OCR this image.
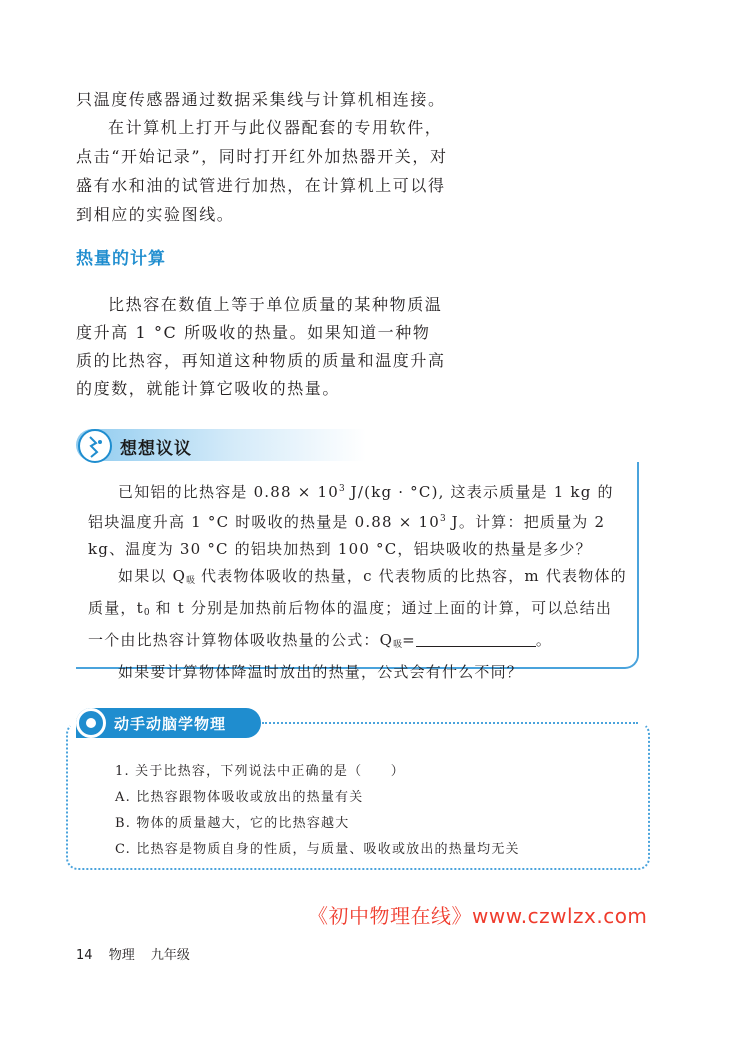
只温度传感器通过数据采集线与计算机相连接。

在计算机上打开与此仪器配套的专用软件，点击“开始记录”，同时打开红外加热器开关，对盛有水和油的试管进行加热，在计算机上可以得到相应的实验图线。

热量的计算

比热容在数值上等于单位质量的某种物质温度升高 1 °C 所吸收的热量。如果知道一种物质的比热容，再知道这种物质的质量和温度升高的度数，就能计算它吸收的热量。

想想议议

已知铝的比热容是 $0.88 \times 10^3$ J/(kg · °C), 这表示质量是 1 kg 的铝块温度升高 1 °C 时吸收的热量是 $0.88 \times 10^3$ J。计算：把质量为 2 kg、温度为 30 °C 的铝块加热到 100 °C，铝块吸收的热量是多少？

如果以 $Q_吸$ 代表物体吸收的热量，c 代表物质的比热容，m 代表物体的质量，$t_0$ 和 t 分别是加热前后物体的温度；通过上面的计算，可以总结出一个由比热容计算物体吸收热量的公式：$Q_吸=$	。

如果要计算物体降温时放出的热量，公式会有什么不同？

动手动脑学物理

1. 关于比热容，下列说法中正确的是（　　）

A. 比热容跟物体吸收或放出的热量有关

B. 物体的质量越大，它的比热容越大

C. 比热容是物质自身的性质，与质量、吸收或放出的热量均无关

《初中物理在线》www.czwlzx.com

14 物理 九年级
